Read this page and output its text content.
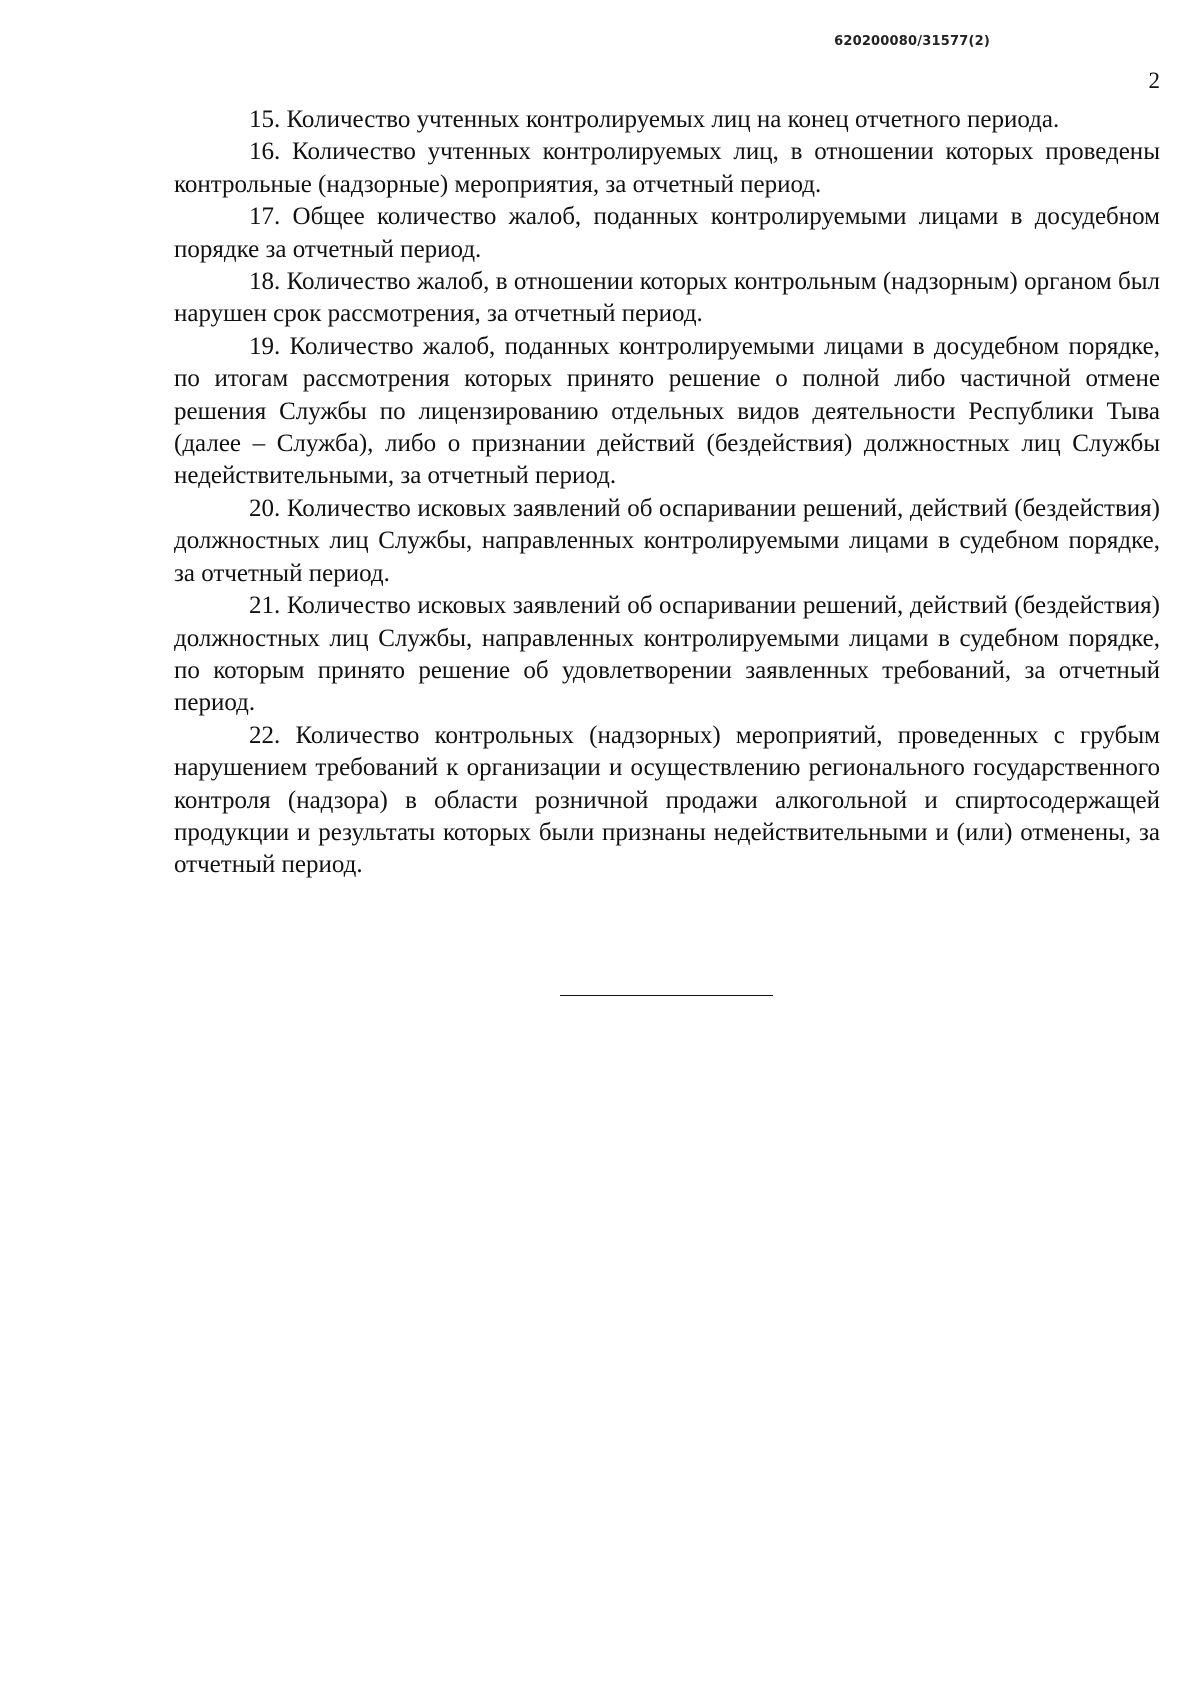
620200080/31577(2)
2

15. Количество учтенных контролируемых лиц на конец отчетного периода.

16. Количество учтенных контролируемых лиц, в отношении которых проведены контрольные (надзорные) мероприятия, за отчетный период.

17. Общее количество жалоб, поданных контролируемыми лицами в досудебном порядке за отчетный период.

18. Количество жалоб, в отношении которых контрольным (надзорным) органом был нарушен срок рассмотрения, за отчетный период.

19. Количество жалоб, поданных контролируемыми лицами в досудебном порядке, по итогам рассмотрения которых принято решение о полной либо частичной отмене решения Службы по лицензированию отдельных видов деятельности Республики Тыва (далее – Служба), либо о признании действий (бездействия) должностных лиц Службы недействительными, за отчетный период.

20. Количество исковых заявлений об оспаривании решений, действий (бездействия) должностных лиц Службы, направленных контролируемыми лицами в судебном порядке, за отчетный период.

21. Количество исковых заявлений об оспаривании решений, действий (бездействия) должностных лиц Службы, направленных контролируемыми лицами в судебном порядке, по которым принято решение об удовлетворении заявленных требований, за отчетный период.

22. Количество контрольных (надзорных) мероприятий, проведенных с грубым нарушением требований к организации и осуществлению регионального государственного контроля (надзора) в области розничной продажи алкогольной и спиртосодержащей продукции и результаты которых были признаны недействительными и (или) отменены, за отчетный период.
